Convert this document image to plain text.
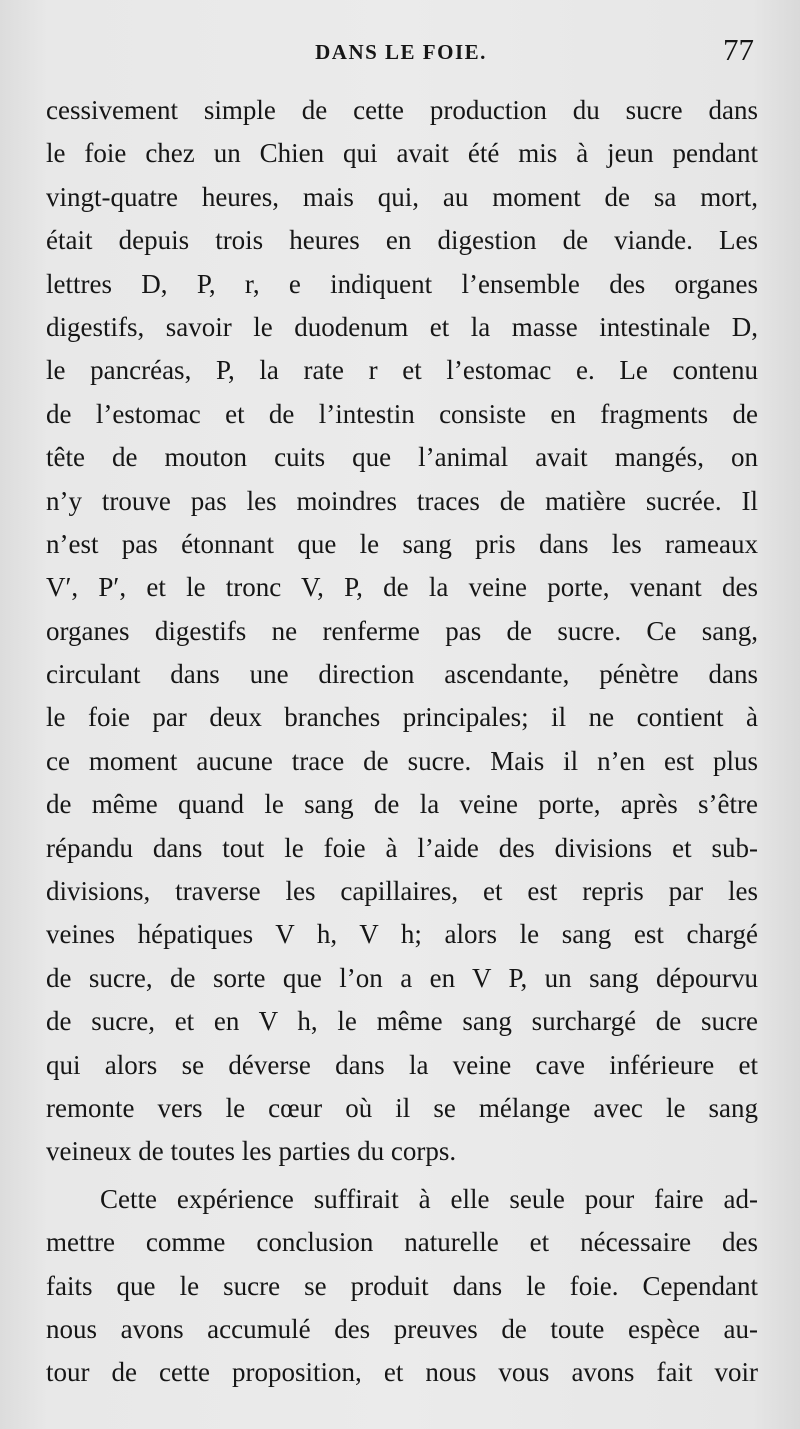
DANS LE FOIE.	77
cessivement simple de cette production du sucre dans
le foie chez un Chien qui avait été mis à jeun pendant
vingt-quatre heures, mais qui, au moment de sa mort,
était depuis trois heures en digestion de viande. Les
lettres D, P, r, e indiquent l’ensemble des organes
digestifs, savoir le duodenum et la masse intestinale D,
le pancréas, P, la rate r et l’estomac e. Le contenu
de l’estomac et de l’intestin consiste en fragments de
tête de mouton cuits que l’animal avait mangés, on
n’y trouve pas les moindres traces de matière sucrée. Il
n’est pas étonnant que le sang pris dans les rameaux
V′, P′, et le tronc V, P, de la veine porte, venant des
organes digestifs ne renferme pas de sucre. Ce sang,
circulant dans une direction ascendante, pénètre dans
le foie par deux branches principales; il ne contient à
ce moment aucune trace de sucre. Mais il n’en est plus
de même quand le sang de la veine porte, après s’être
répandu dans tout le foie à l’aide des divisions et sub-
divisions, traverse les capillaires, et est repris par les
veines hépatiques V h, V h; alors le sang est chargé
de sucre, de sorte que l’on a en V P, un sang dépourvu
de sucre, et en V h, le même sang surchargé de sucre
qui alors se déverse dans la veine cave inférieure et
remonte vers le cœur où il se mélange avec le sang
veineux de toutes les parties du corps.
Cette expérience suffirait à elle seule pour faire ad-
mettre comme conclusion naturelle et nécessaire des
faits que le sucre se produit dans le foie. Cependant
nous avons accumulé des preuves de toute espèce au-
tour de cette proposition, et nous vous avons fait voir
